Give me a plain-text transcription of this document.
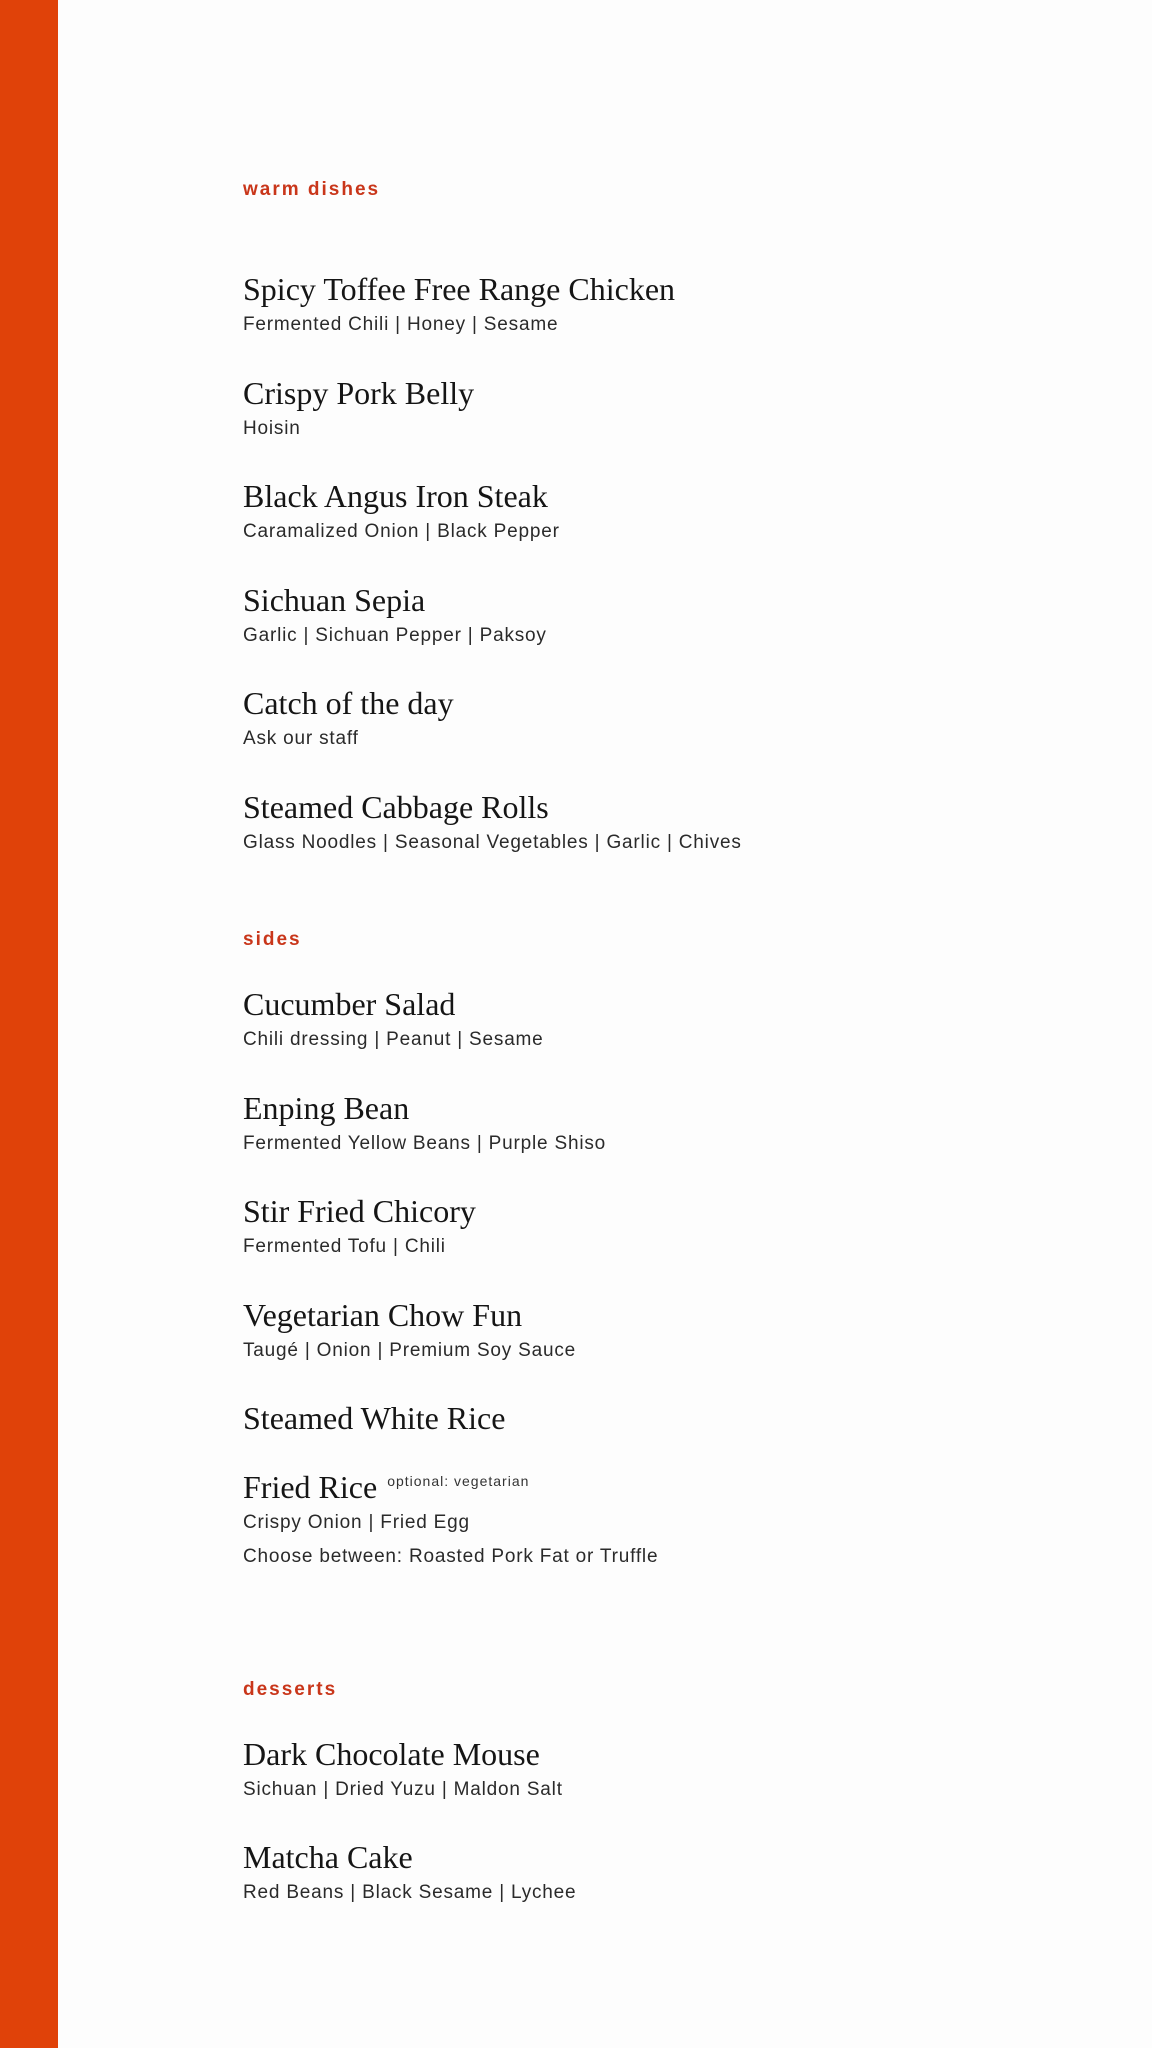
warm dishes
Spicy Toffee Free Range Chicken
Fermented Chili | Honey | Sesame
Crispy Pork Belly
Hoisin
Black Angus Iron Steak
Caramalized Onion | Black Pepper
Sichuan Sepia
Garlic | Sichuan Pepper | Paksoy
Catch of the day
Ask our staff
Steamed Cabbage Rolls
Glass Noodles | Seasonal Vegetables | Garlic | Chives
sides
Cucumber Salad
Chili dressing | Peanut | Sesame
Enping Bean
Fermented Yellow Beans | Purple Shiso
Stir Fried Chicory
Fermented Tofu | Chili
Vegetarian Chow Fun
Taugé | Onion | Premium Soy Sauce
Steamed White Rice
Fried Rice optional: vegetarian
Crispy Onion | Fried Egg
Choose between: Roasted Pork Fat or Truffle
desserts
Dark Chocolate Mouse
Sichuan | Dried Yuzu | Maldon Salt
Matcha Cake
Red Beans | Black Sesame | Lychee
